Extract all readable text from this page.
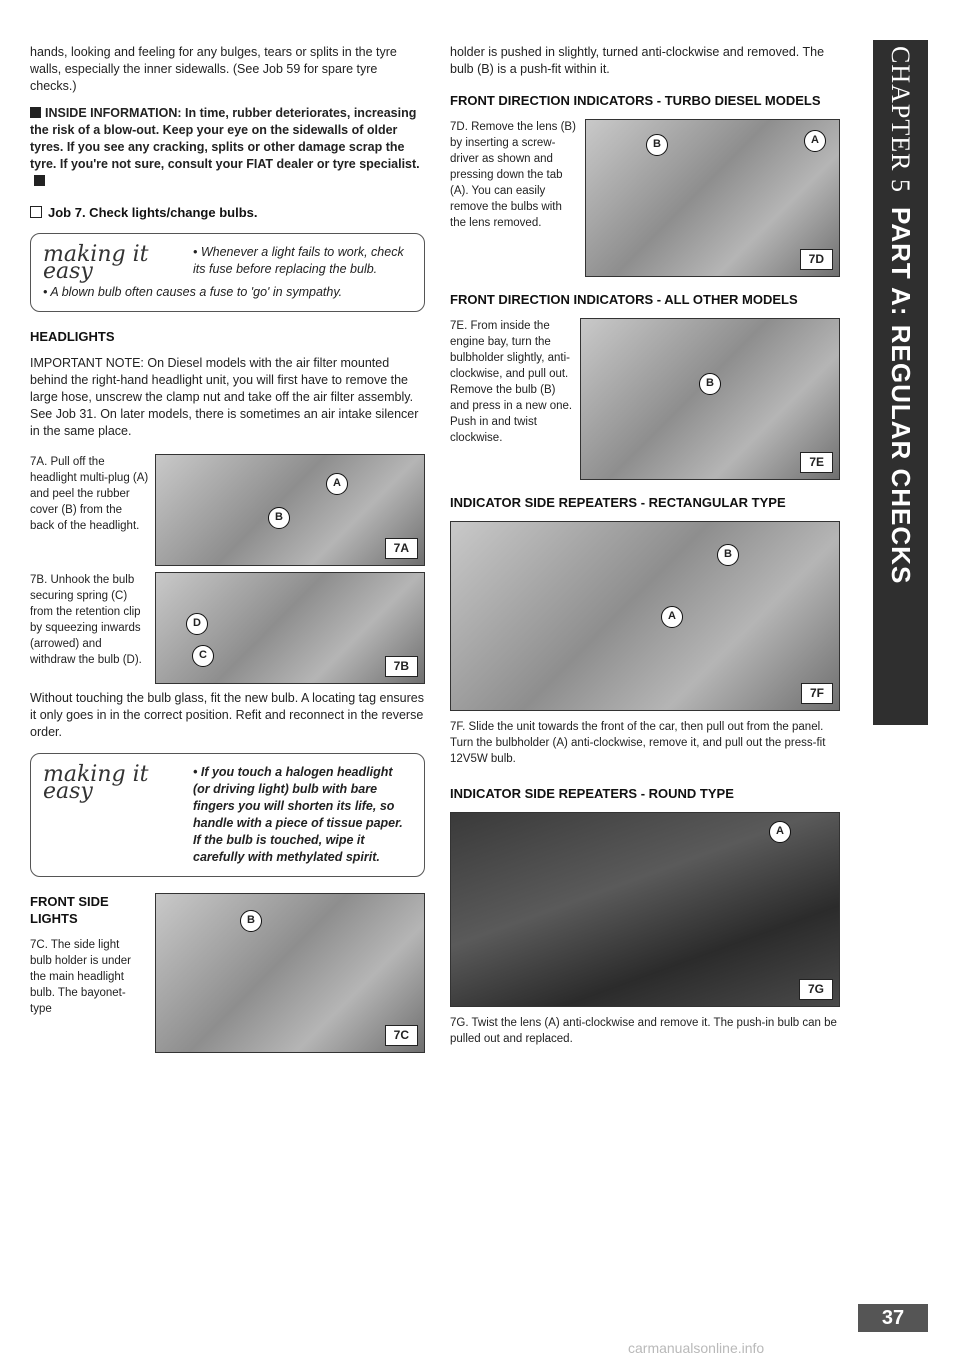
hands, looking and feeling for any bulges, tears or splits in the tyre walls, especially the inner sidewalls. (See Job 59 for spare tyre checks.)

INSIDE INFORMATION: In time, rubber deteriorates, increasing the risk of a blow-out. Keep your eye on the sidewalls of older tyres. If you see any cracking, splits or other damage scrap the tyre. If you're not sure, consult your FIAT dealer or tyre specialist.

Job 7. Check lights/change bulbs.
making it easy
• Whenever a light fails to work, check its fuse before replacing the bulb.
• A blown bulb often causes a fuse to 'go' in sympathy.
HEADLIGHTS

IMPORTANT NOTE: On Diesel models with the air filter mounted behind the right-hand headlight unit, you will first have to remove the large hose, unscrew the clamp nut and take off the air filter assembly. See Job 31. On later models, there is sometimes an air intake silencer in the same place.

7A. Pull off the headlight multi-plug (A) and peel the rubber cover (B) from the back of the headlight.
A
B
7A
7B. Unhook the bulb securing spring (C) from the retention clip by squeezing inwards (arrowed) and withdraw the bulb (D).
D
C
7B

Without touching the bulb glass, fit the new bulb. A locating tag ensures it only goes in in the correct position. Refit and reconnect in the reverse order.

making it easy
• If you touch a halogen headlight (or driving light) bulb with bare fingers you will shorten its life, so handle with a piece of tissue paper. If the bulb is touched, wipe it carefully with methylated spirit.
FRONT SIDE LIGHTS
7C. The side light bulb holder is under the main headlight bulb. The bayonet-type
B
7C

holder is pushed in slightly, turned anti-clockwise and removed. The bulb (B) is a push-fit within it.

FRONT DIRECTION INDICATORS - TURBO DIESEL MODELS
7D. Remove the lens (B) by inserting a screw-driver as shown and pressing down the tab (A). You can easily remove the bulbs with the lens removed.
B	A
7D
FRONT DIRECTION INDICATORS - ALL OTHER MODELS
7E. From inside the engine bay, turn the bulbholder slightly, anti-clockwise, and pull out. Remove the bulb (B) and press in a new one. Push in and twist clockwise.
B
7E
INDICATOR SIDE REPEATERS - RECTANGULAR TYPE
B
A
7F

7F. Slide the unit towards the front of the car, then pull out from the panel. Turn the bulbholder (A) anti-clockwise, remove it, and pull out the press-fit 12V5W bulb.

INDICATOR SIDE REPEATERS - ROUND TYPE
A
7G

7G. Twist the lens (A) anti-clockwise and remove it. The push-in bulb can be pulled out and replaced.

CHAPTER 5PART A: REGULAR CHECKS
37
carmanualsonline.info
